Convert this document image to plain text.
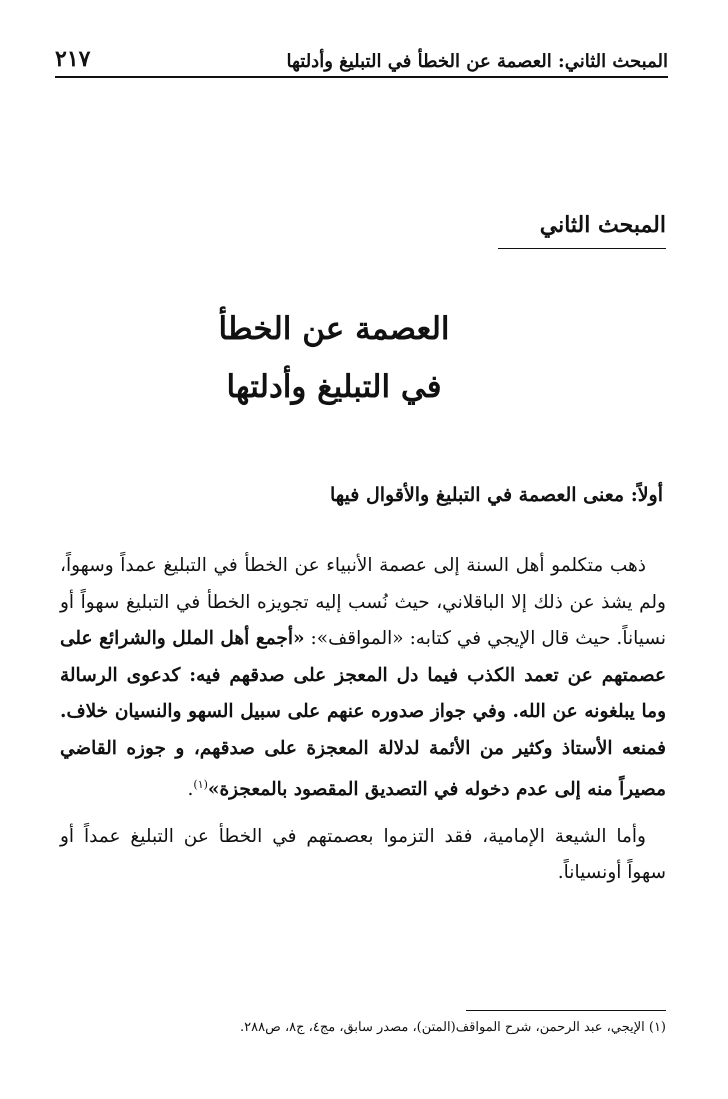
٢١٧	المبحث الثاني: العصمة عن الخطأ في التبليغ وأدلتها
المبحث الثاني
العصمة عن الخطأ
في التبليغ وأدلتها
أولاً: معنى العصمة في التبليغ والأقوال فيها

ذهب متكلمو أهل السنة إلى عصمة الأنبياء عن الخطأ في التبليغ عمداً وسهواً، ولم يشذ عن ذلك إلا الباقلاني، حيث نُسب إليه تجويزه الخطأ في التبليغ سهواً أو نسياناً. حيث قال الإيجي في كتابه: «المواقف»: «أجمع أهل الملل والشرائع على عصمتهم عن تعمد الكذب فيما دل المعجز على صدقهم فيه: كدعوى الرسالة وما يبلغونه عن الله. وفي جواز صدوره عنهم على سبيل السهو والنسيان خلاف. فمنعه الأستاذ وكثير من الأئمة لدلالة المعجزة على صدقهم، و جوزه القاضي مصيراً منه إلى عدم دخوله في التصديق المقصود بالمعجزة»$^{(١)}$.

وأما الشيعة الإمامية، فقد التزموا بعصمتهم في الخطأ عن التبليغ عمداً أو سهواً أونسياناً.

(١) الإيجي، عبد الرحمن، شرح المواقف(المتن)، مصدر سابق، مج٤، ج٨، ص٢٨٨.
